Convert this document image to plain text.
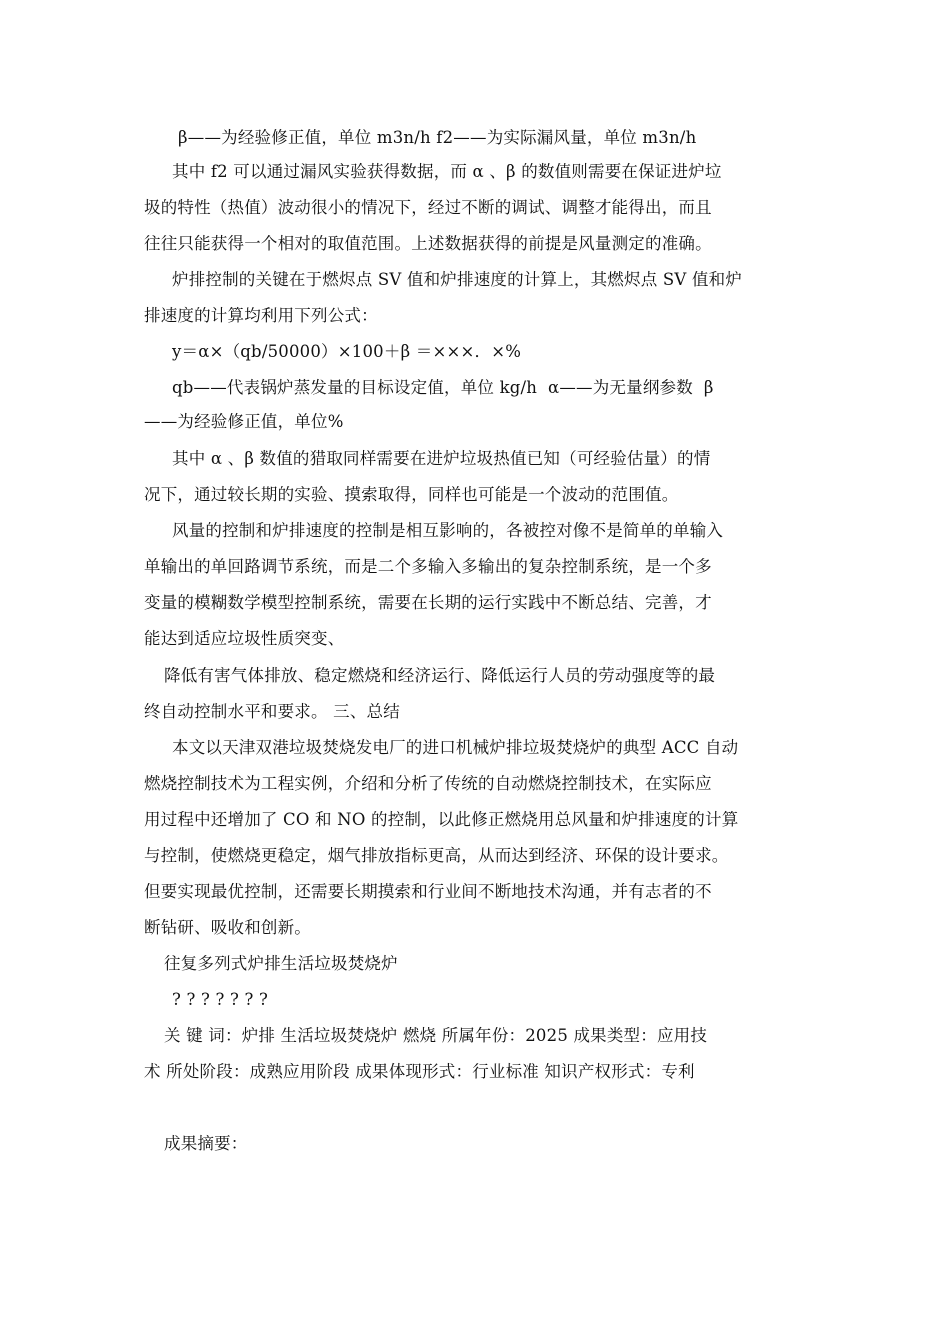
β——为经验修正值，单位 m3n/h f2——为实际漏风量，单位 m3n/h
其中 f2 可以通过漏风实验获得数据，而 α 、β 的数值则需要在保证进炉垃
圾的特性（热值）波动很小的情况下，经过不断的调试、调整才能得出，而且
往往只能获得一个相对的取值范围。上述数据获得的前提是风量测定的准确。
炉排控制的关键在于燃烬点 SV 值和炉排速度的计算上，其燃烬点 SV 值和炉
排速度的计算均利用下列公式：
y＝α×（qb/50000）×100＋β ＝×××．×%
qb——代表锅炉蒸发量的目标设定值，单位 kg/h  α——为无量纲参数  β
——为经验修正值，单位%
其中 α 、β 数值的猎取同样需要在进炉垃圾热值已知（可经验估量）的情
况下，通过较长期的实验、摸索取得，同样也可能是一个波动的范围值。
风量的控制和炉排速度的控制是相互影响的，各被控对像不是简单的单输入
单输出的单回路调节系统，而是二个多输入多输出的复杂控制系统，是一个多
变量的模糊数学模型控制系统，需要在长期的运行实践中不断总结、完善，才
能达到适应垃圾性质突变、
降低有害气体排放、稳定燃烧和经济运行、降低运行人员的劳动强度等的最
终自动控制水平和要求。 三、总结
本文以天津双港垃圾焚烧发电厂的进口机械炉排垃圾焚烧炉的典型 ACC 自动
燃烧控制技术为工程实例，介绍和分析了传统的自动燃烧控制技术，在实际应
用过程中还增加了 CO 和 NO 的控制，以此修正燃烧用总风量和炉排速度的计算
与控制，使燃烧更稳定，烟气排放指标更高，从而达到经济、环保的设计要求。
但要实现最优控制，还需要长期摸索和行业间不断地技术沟通，并有志者的不
断钻研、吸收和创新。
往复多列式炉排生活垃圾焚烧炉
? ? ? ? ? ? ?
关 键 词：炉排 生活垃圾焚烧炉 燃烧 所属年份：2025 成果类型：应用技
术 所处阶段：成熟应用阶段 成果体现形式：行业标准 知识产权形式：专利
成果摘要：
